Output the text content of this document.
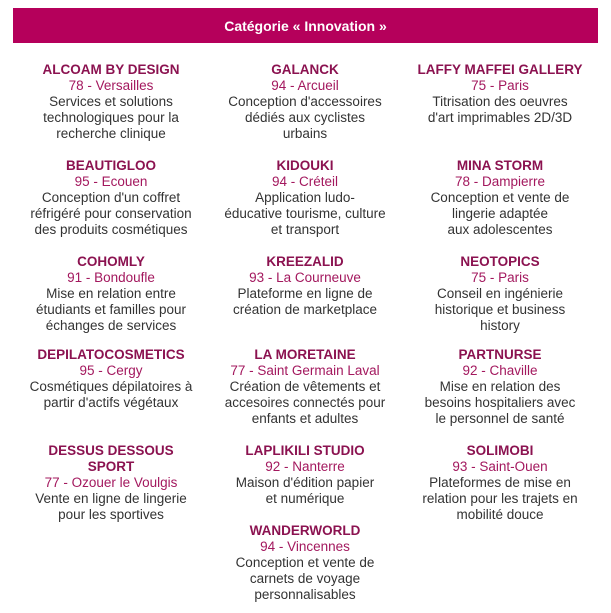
Catégorie « Innovation »
ALCOAM BY DESIGN
78 - Versailles
Services et solutions
technologiques pour la
recherche clinique
GALANCK
94 - Arcueil
Conception d'accessoires
dédiés aux cyclistes
urbains
LAFFY MAFFEI GALLERY
75 - Paris
Titrisation des oeuvres
d'art imprimables 2D/3D
BEAUTIGLOO
95 - Ecouen
Conception d'un coffret
réfrigéré pour conservation
des produits cosmétiques
KIDOUKI
94 - Créteil
Application ludo-
éducative tourisme, culture
et transport
MINA STORM
78 - Dampierre
Conception et vente de
lingerie adaptée
aux adolescentes
COHOMLY
91 - Bondoufle
Mise en relation entre
étudiants et familles pour
échanges de services
KREEZALID
93 - La Courneuve
Plateforme en ligne de
création de marketplace
NEOTOPICS
75 - Paris
Conseil en ingénierie
historique et business
history
DEPILATOCOSMETICS
95 - Cergy
Cosmétiques dépilatoires à
partir d'actifs végétaux
LA MORETAINE
77 - Saint Germain Laval
Création de vêtements et
accesoires connectés pour
enfants et adultes
PARTNURSE
92 - Chaville
Mise en relation des
besoins hospitaliers avec
le personnel de santé
DESSUS DESSOUS
SPORT
77 - Ozouer le Voulgis
Vente en ligne de lingerie
pour les sportives
LAPLIKILI STUDIO
92 - Nanterre
Maison d'édition papier
et numérique
SOLIMOBI
93 - Saint-Ouen
Plateformes de mise en
relation pour les trajets en
mobilité douce
WANDERWORLD
94 - Vincennes
Conception et vente de
carnets de voyage
personnalisables
